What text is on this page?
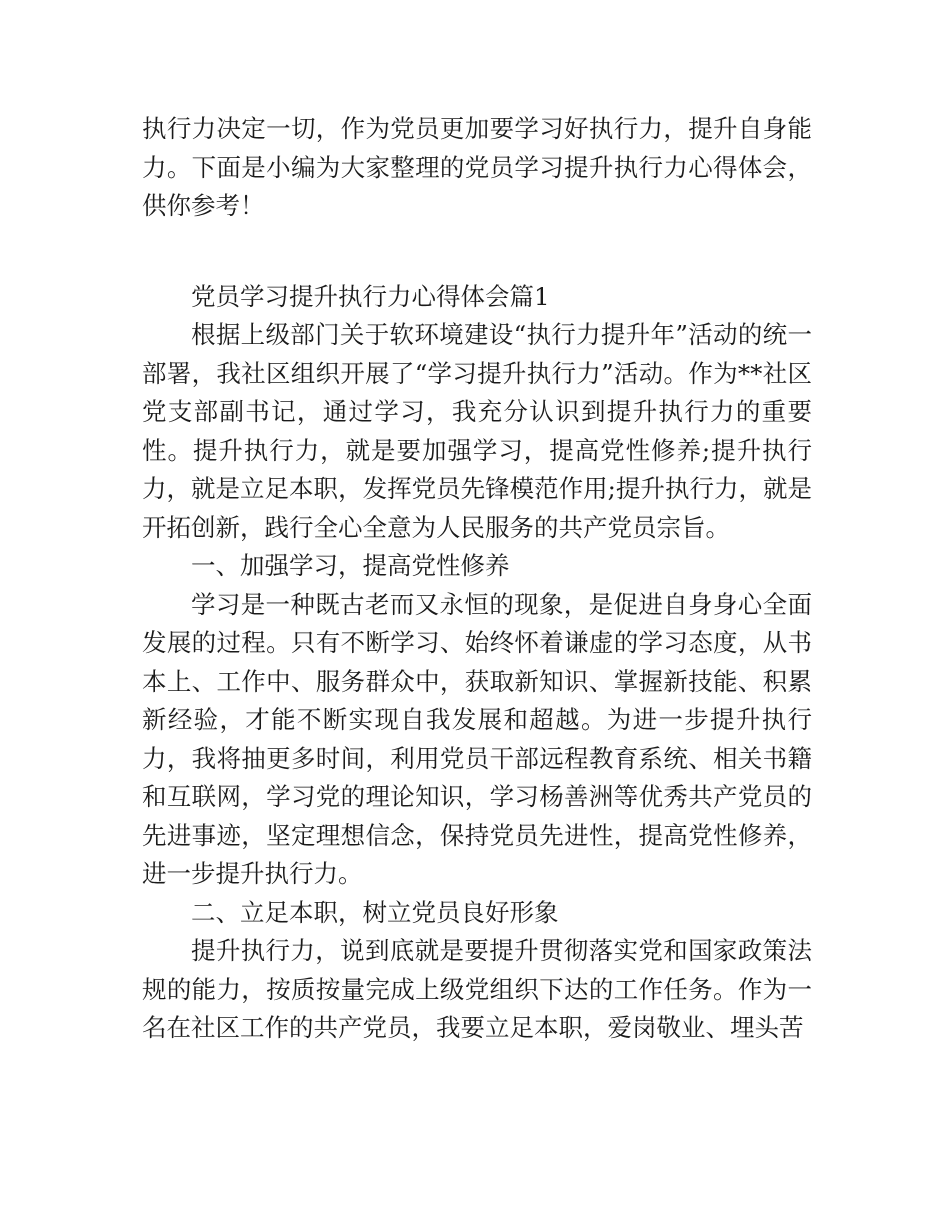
执行力决定一切，作为党员更加要学习好执行力，提升自身能力。下面是小编为大家整理的党员学习提升执行力心得体会，供你参考！

党员学习提升执行力心得体会篇1

根据上级部门关于软环境建设“执行力提升年”活动的统一部署，我社区组织开展了“学习提升执行力”活动。作为**社区党支部副书记，通过学习，我充分认识到提升执行力的重要性。提升执行力，就是要加强学习，提高党性修养;提升执行力，就是立足本职，发挥党员先锋模范作用;提升执行力，就是开拓创新，践行全心全意为人民服务的共产党员宗旨。

一、加强学习，提高党性修养

学习是一种既古老而又永恒的现象，是促进自身身心全面发展的过程。只有不断学习、始终怀着谦虚的学习态度，从书本上、工作中、服务群众中，获取新知识、掌握新技能、积累新经验，才能不断实现自我发展和超越。为进一步提升执行力，我将抽更多时间，利用党员干部远程教育系统、相关书籍和互联网，学习党的理论知识，学习杨善洲等优秀共产党员的先进事迹，坚定理想信念，保持党员先进性，提高党性修养，进一步提升执行力。

二、立足本职，树立党员良好形象

提升执行力，说到底就是要提升贯彻落实党和国家政策法规的能力，按质按量完成上级党组织下达的工作任务。作为一名在社区工作的共产党员，我要立足本职，爱岗敬业、埋头苦
